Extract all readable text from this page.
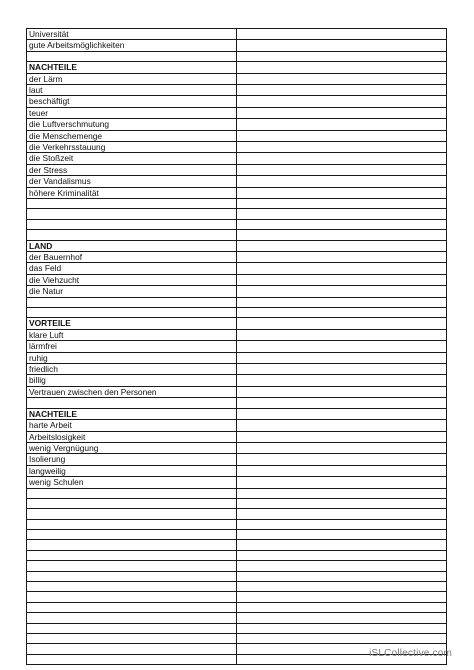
Universität	
gute Arbeitsmöglichkeiten	

NACHTEILE	
der Lärm	
laut	
beschäftigt	
teuer	
die Luftverschmutung	
die Menschemenge	
die Verkehrsstauung	
die Stoßzeit	
der Stress	
der Vandalismus	
höhere Kriminalität	

LAND	
der Bauernhof	
das Feld	
die Viehzucht	
die Natur	

VORTEILE	
klare Luft	
lärmfrei	
ruhig	
friedlich	
billig	
Vertrauen zwischen den Personen	

NACHTEILE	
harte Arbeit	
Arbeitslosigkeit	
wenig Vergnügung	
Isolierung	
langweilig	
wenig Schulen	

iSLCollective.com
